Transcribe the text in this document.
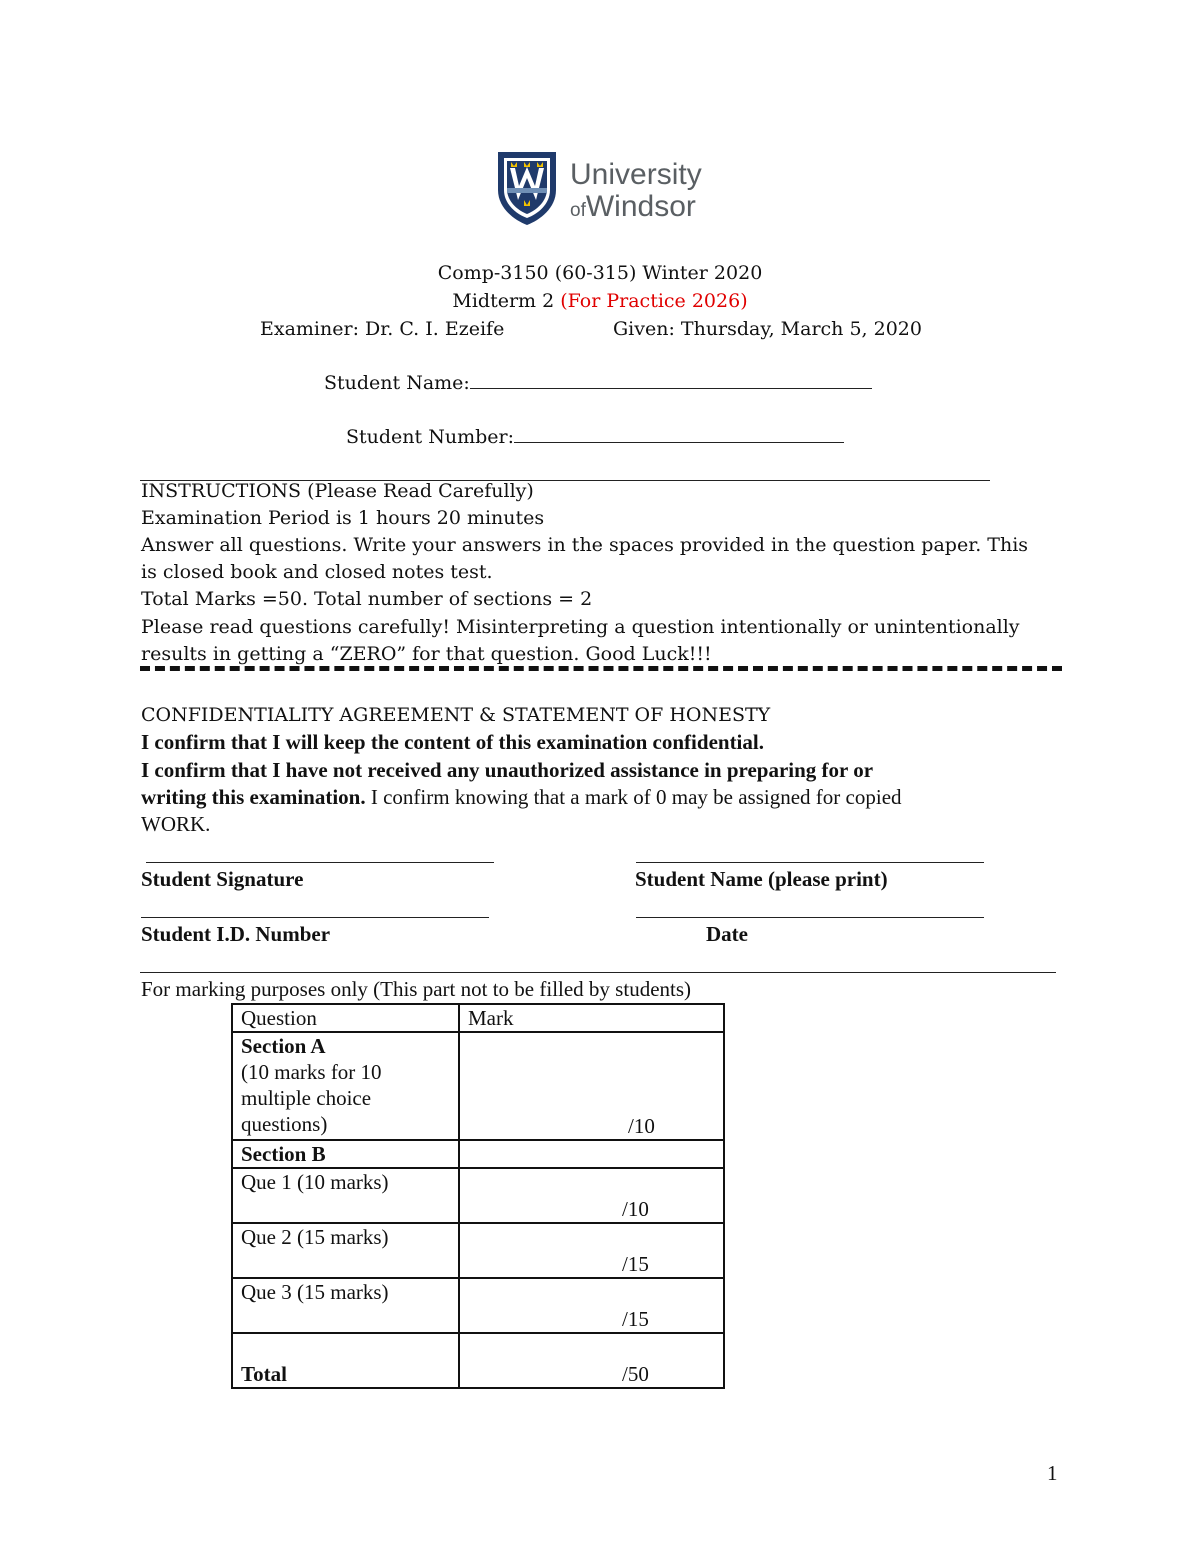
University
ofWindsor
Comp-3150 (60-315) Winter 2020
Midterm 2 (For Practice 2026)
Examiner: Dr. C. I. Ezeife	Given: Thursday, March 5, 2020
Student Name:
Student Number:
INSTRUCTIONS (Please Read Carefully)
Examination Period is 1 hours 20 minutes
Answer all questions. Write your answers in the spaces provided in the question paper. This
is closed book and closed notes test.
Total Marks =50. Total number of sections = 2
Please read questions carefully! Misinterpreting a question intentionally or unintentionally
results in getting a “ZERO” for that question. Good Luck!!!
CONFIDENTIALITY AGREEMENT & STATEMENT OF HONESTY
I confirm that I will keep the content of this examination confidential.
I confirm that I have not received any unauthorized assistance in preparing for or
writing this examination. I confirm knowing that a mark of 0 may be assigned for copied
WORK.
Student Signature	Student Name (please print)
Student I.D. Number	Date
For marking purposes only (This part not to be filled by students)
Question	Mark

Section A
(10 marks for 10
multiple choice
questions)	/10

Section B	
Que 1 (10 marks)	/10

Que 2 (15 marks)	/15

Que 3 (15 marks)	/15

Total	/50
1
